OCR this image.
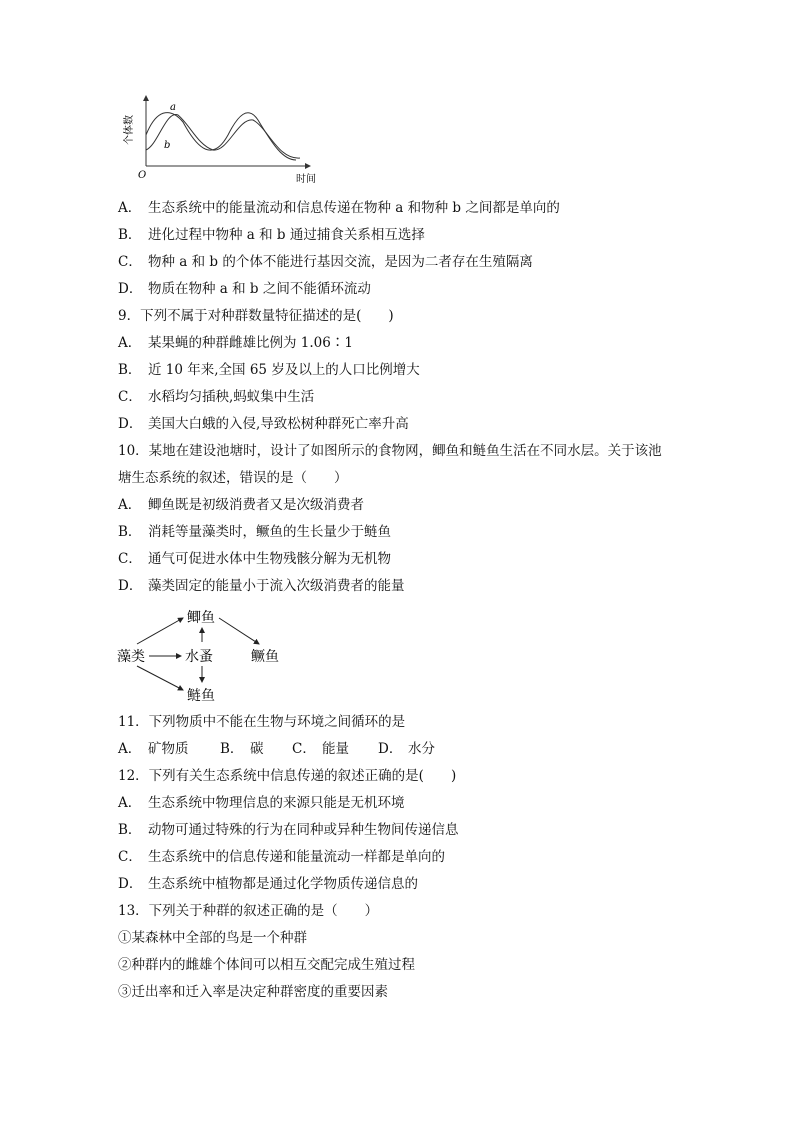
个体数
时间
O
a
b
A． 生态系统中的能量流动和信息传递在物种 a 和物种 b 之间都是单向的
B． 进化过程中物种 a 和 b 通过捕食关系相互选择
C． 物种 a 和 b 的个体不能进行基因交流，是因为二者存在生殖隔离
D． 物质在物种 a 和 b 之间不能循环流动
9．下列不属于对种群数量特征描述的是(　　)
A． 某果蝇的种群雌雄比例为 1.06∶1
B． 近 10 年来,全国 65 岁及以上的人口比例增大
C． 水稻均匀插秧,蚂蚁集中生活
D． 美国大白蛾的入侵,导致松树种群死亡率升高
10．某地在建设池塘时，设计了如图所示的食物网，鲫鱼和鲢鱼生活在不同水层。关于该池
塘生态系统的叙述，错误的是（　　）
A． 鲫鱼既是初级消费者又是次级消费者
B． 消耗等量藻类时，鳜鱼的生长量少于鲢鱼
C． 通气可促进水体中生物残骸分解为无机物
D． 藻类固定的能量小于流入次级消费者的能量
藻类	水蚤
鲫鱼
鳜鱼
鲢鱼
11．下列物质中不能在生物与环境之间循环的是
A． 矿物质 B． 碳 C． 能量 D． 水分
12．下列有关生态系统中信息传递的叙述正确的是(　　)
A． 生态系统中物理信息的来源只能是无机环境
B． 动物可通过特殊的行为在同种或异种生物间传递信息
C． 生态系统中的信息传递和能量流动一样都是单向的
D． 生态系统中植物都是通过化学物质传递信息的
13．下列关于种群的叙述正确的是（　　）
①某森林中全部的鸟是一个种群
②种群内的雌雄个体间可以相互交配完成生殖过程
③迁出率和迁入率是决定种群密度的重要因素
